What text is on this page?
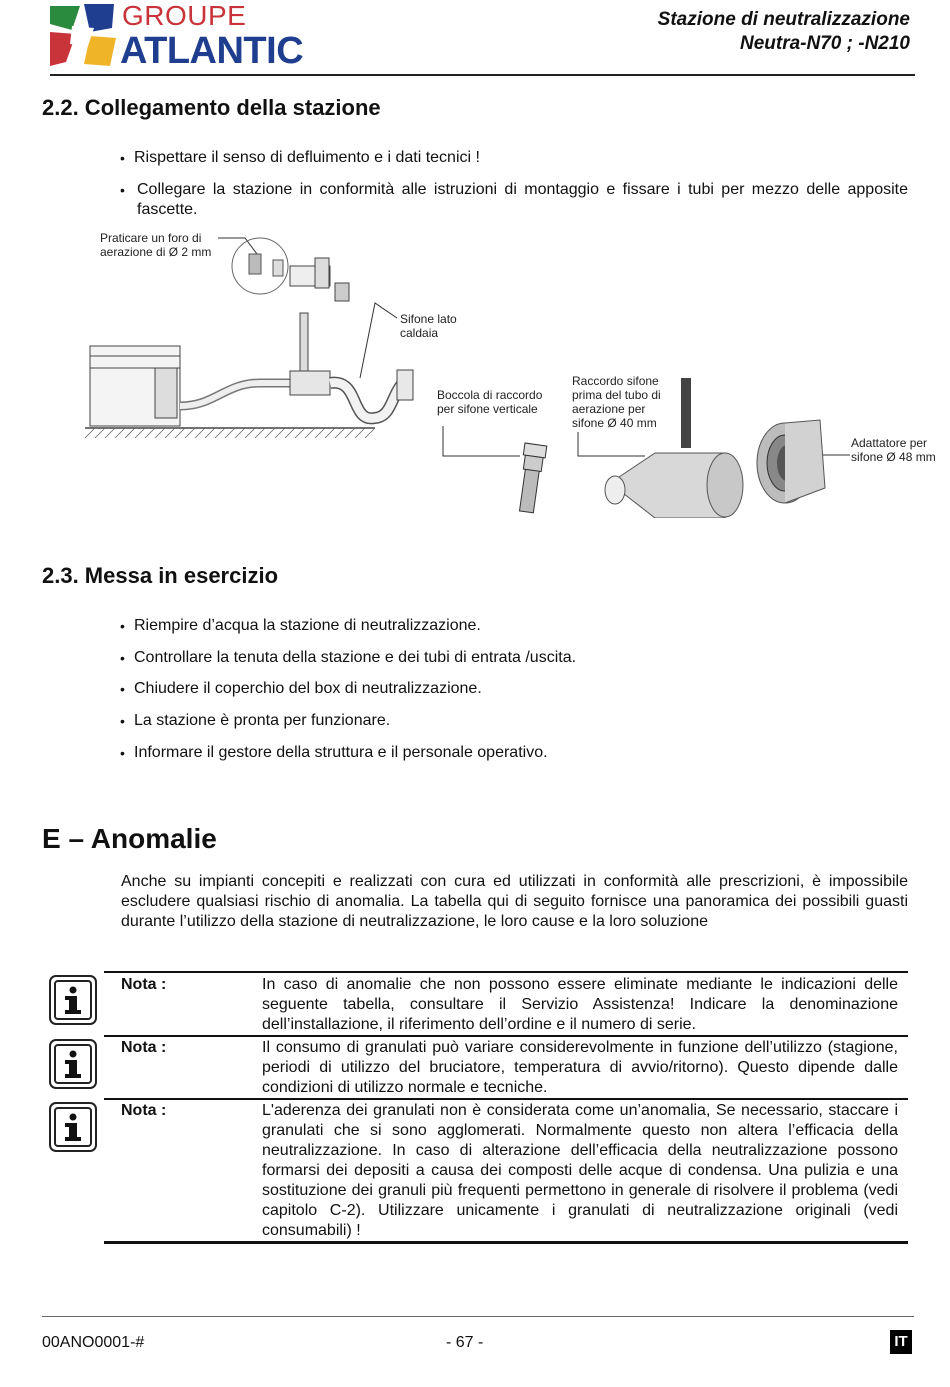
GROUPE
ATLANTIC
Stazione di neutralizzazione
Neutra-N70 ; -N210
2.2. Collegamento della stazione
• Rispettare il senso di defluimento e i dati tecnici !
• Collegare la stazione in conformità alle istruzioni di montaggio e fissare i tubi per mezzo delle apposite fascette.
Praticare un foro di
aerazione di Ø 2 mm
Sifone lato
caldaia
Boccola di raccordo
per sifone verticale
Raccordo sifone
prima del tubo di
aerazione per
sifone Ø 40 mm
Adattatore per
sifone Ø 48 mm
2.3. Messa in esercizio
• Riempire d’acqua la stazione di neutralizzazione.
• Controllare la tenuta della stazione e dei tubi di entrata /uscita.
• Chiudere il coperchio del box di neutralizzazione.
• La stazione è pronta per funzionare.
• Informare il gestore della struttura e il personale operativo.
E – Anomalie
Anche su impianti concepiti e realizzati con cura ed utilizzati in conformità alle prescrizioni, è impossibile escludere qualsiasi rischio di anomalia. La tabella qui di seguito fornisce una panoramica dei possibili guasti durante l’utilizzo della stazione di neutralizzazione, le loro cause e la loro soluzione
Nota :	In caso di anomalie che non possono essere eliminate mediante le indicazioni delle seguente tabella, consultare il Servizio Assistenza! Indicare la denominazione dell’installazione, il riferimento dell’ordine e il numero di serie.
Nota :	Il consumo di granulati può variare considerevolmente in funzione dell’utilizzo (stagione, periodi di utilizzo del bruciatore, temperatura di avvio/ritorno). Questo dipende dalle condizioni di utilizzo normale e tecniche.
Nota :	L'aderenza dei granulati non è considerata come un’anomalia, Se necessario, staccare i granulati che si sono agglomerati. Normalmente questo non altera l’efficacia della neutralizzazione. In caso di alterazione dell’efficacia della neutralizzazione possono formarsi dei depositi a causa dei composti delle acque di condensa. Una pulizia e una sostituzione dei granuli più frequenti permettono in generale di risolvere il problema (vedi capitolo C-2). Utilizzare unicamente i granulati di neutralizzazione originali (vedi consumabili) !
00ANO0001-#	- 67 -	IT
